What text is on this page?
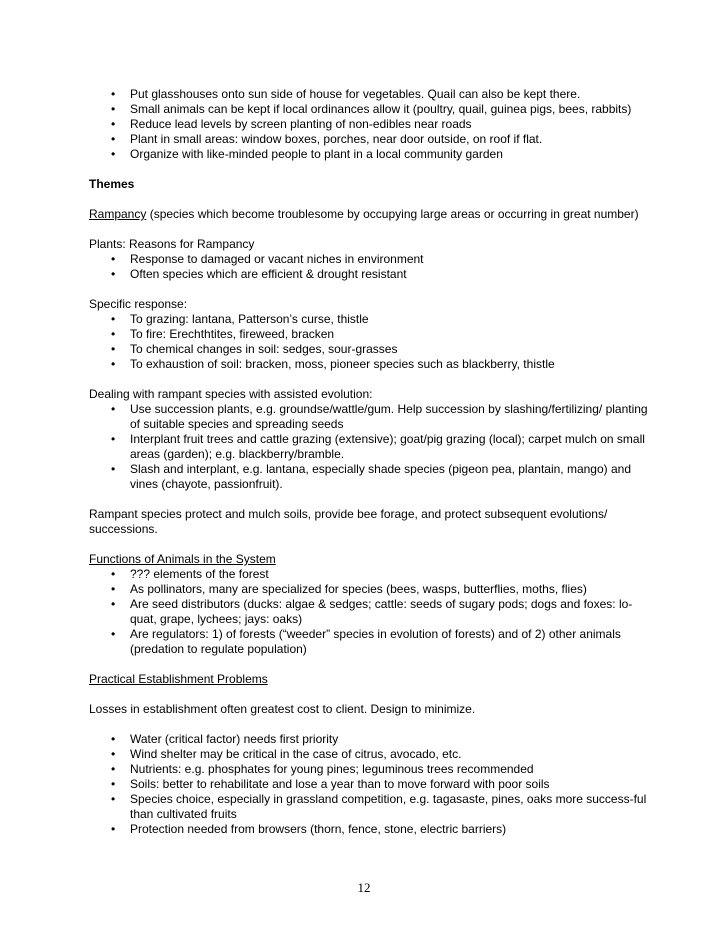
• Put glasshouses onto sun side of house for vegetables. Quail can also be kept there.
• Small animals can be kept if local ordinances allow it (poultry, quail, guinea pigs, bees, rabbits)
• Reduce lead levels by screen planting of non-edibles near roads
• Plant in small areas: window boxes, porches, near door outside, on roof if flat.
• Organize with like-minded people to plant in a local community garden
Themes
Rampancy (species which become troublesome by occupying large areas or occurring in great number)
Plants: Reasons for Rampancy
• Response to damaged or vacant niches in environment
• Often species which are efficient & drought resistant
Specific response:
• To grazing: lantana, Patterson’s curse, thistle
• To fire: Erechthtites, fireweed, bracken
• To chemical changes in soil: sedges, sour-grasses
• To exhaustion of soil: bracken, moss, pioneer species such as blackberry, thistle
Dealing with rampant species with assisted evolution:
• Use succession plants, e.g. groundse/wattle/gum. Help succession by slashing/fertilizing/ planting of suitable species and spreading seeds
• Interplant fruit trees and cattle grazing (extensive); goat/pig grazing (local); carpet mulch on small areas (garden); e.g. blackberry/bramble.
• Slash and interplant, e.g. lantana, especially shade species (pigeon pea, plantain, mango) and vines (chayote, passionfruit).
Rampant species protect and mulch soils, provide bee forage, and protect subsequent evolutions/ successions.
Functions of Animals in the System
• ??? elements of the forest
• As pollinators, many are specialized for species (bees, wasps, butterflies, moths, flies)
• Are seed distributors (ducks: algae & sedges; cattle: seeds of sugary pods; dogs and foxes: lo-quat, grape, lychees; jays: oaks)
• Are regulators: 1) of forests (“weeder” species in evolution of forests) and of 2) other animals (predation to regulate population)
Practical Establishment Problems
Losses in establishment often greatest cost to client. Design to minimize.
• Water (critical factor) needs first priority
• Wind shelter may be critical in the case of citrus, avocado, etc.
• Nutrients: e.g. phosphates for young pines; leguminous trees recommended
• Soils: better to rehabilitate and lose a year than to move forward with poor soils
• Species choice, especially in grassland competition, e.g. tagasaste, pines, oaks more success-ful than cultivated fruits
• Protection needed from browsers (thorn, fence, stone, electric barriers)
12
